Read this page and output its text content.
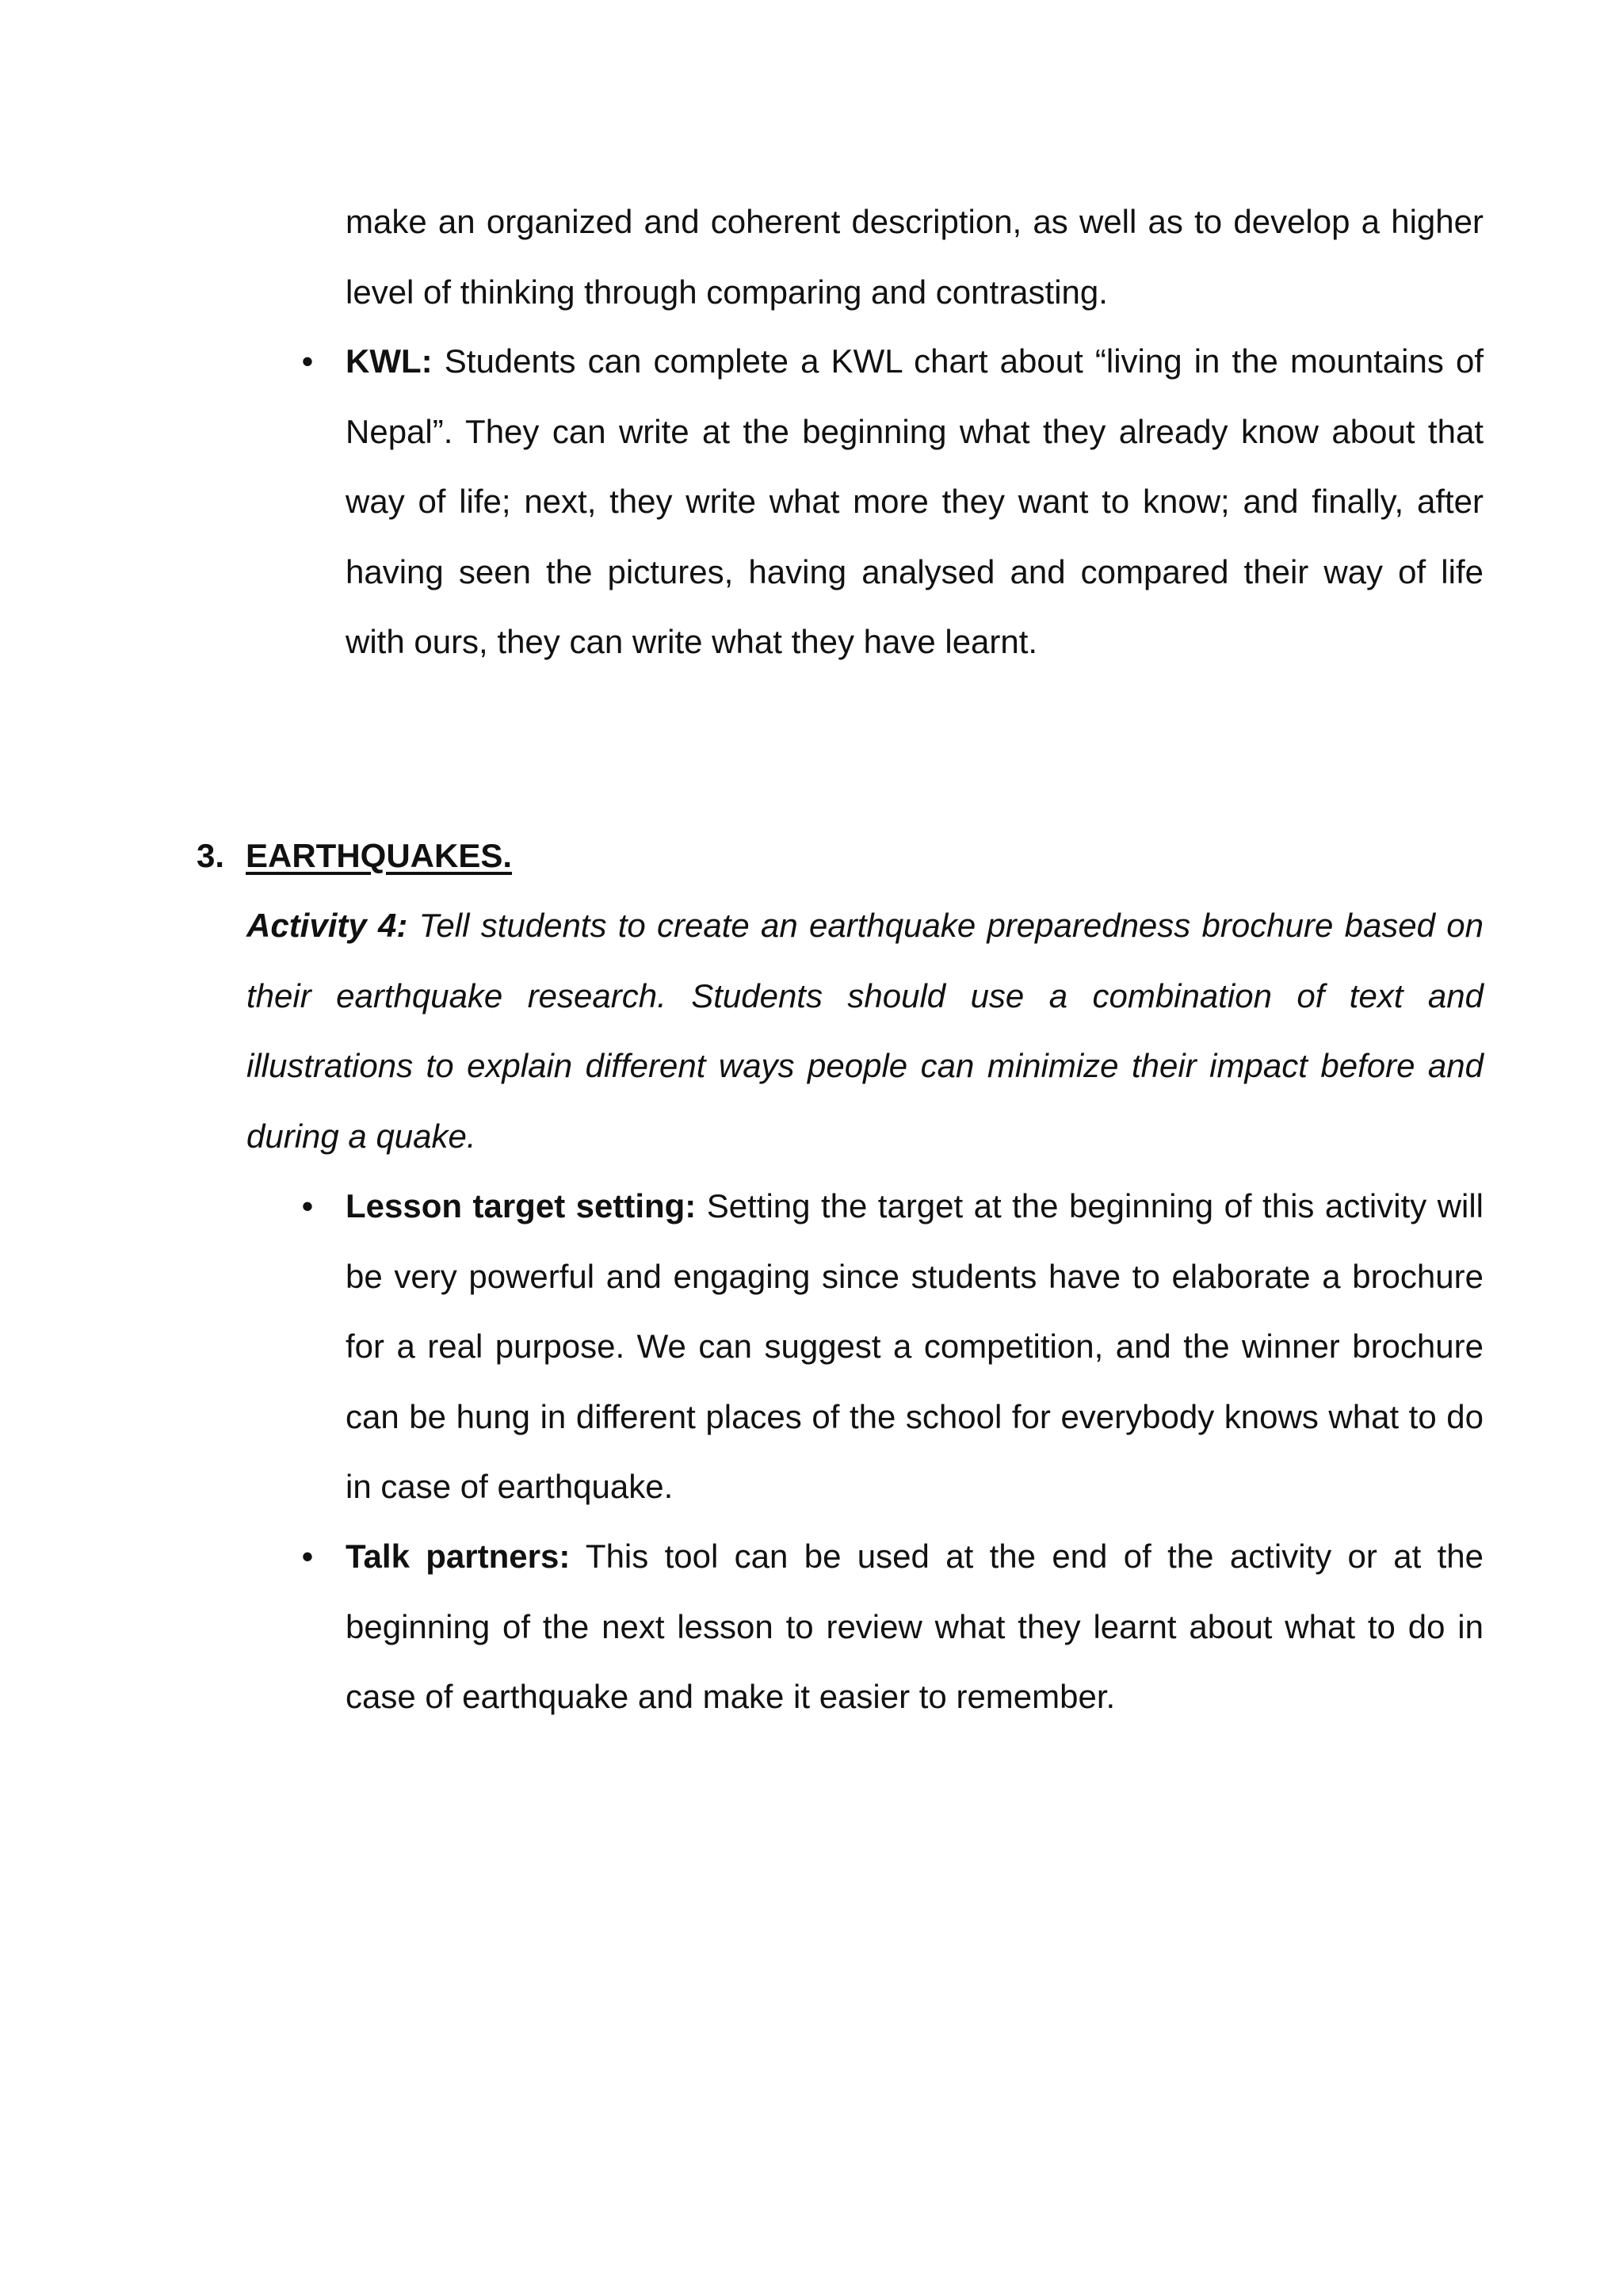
make an organized and coherent description, as well as to develop a higher level of thinking through comparing and contrasting.

• KWL: Students can complete a KWL chart about “living in the mountains of Nepal”. They can write at the beginning what they already know about that way of life; next, they write what more they want to know; and finally, after having seen the pictures, having analysed and compared their way of life with ours, they can write what they have learnt.

3. EARTHQUAKES.

Activity 4: Tell students to create an earthquake preparedness brochure based on their earthquake research. Students should use a combination of text and illustrations to explain different ways people can minimize their impact before and during a quake.

• Lesson target setting: Setting the target at the beginning of this activity will be very powerful and engaging since students have to elaborate a brochure for a real purpose. We can suggest a competition, and the winner brochure can be hung in different places of the school for everybody knows what to do in case of earthquake.

• Talk partners: This tool can be used at the end of the activity or at the beginning of the next lesson to review what they learnt about what to do in case of earthquake and make it easier to remember.
